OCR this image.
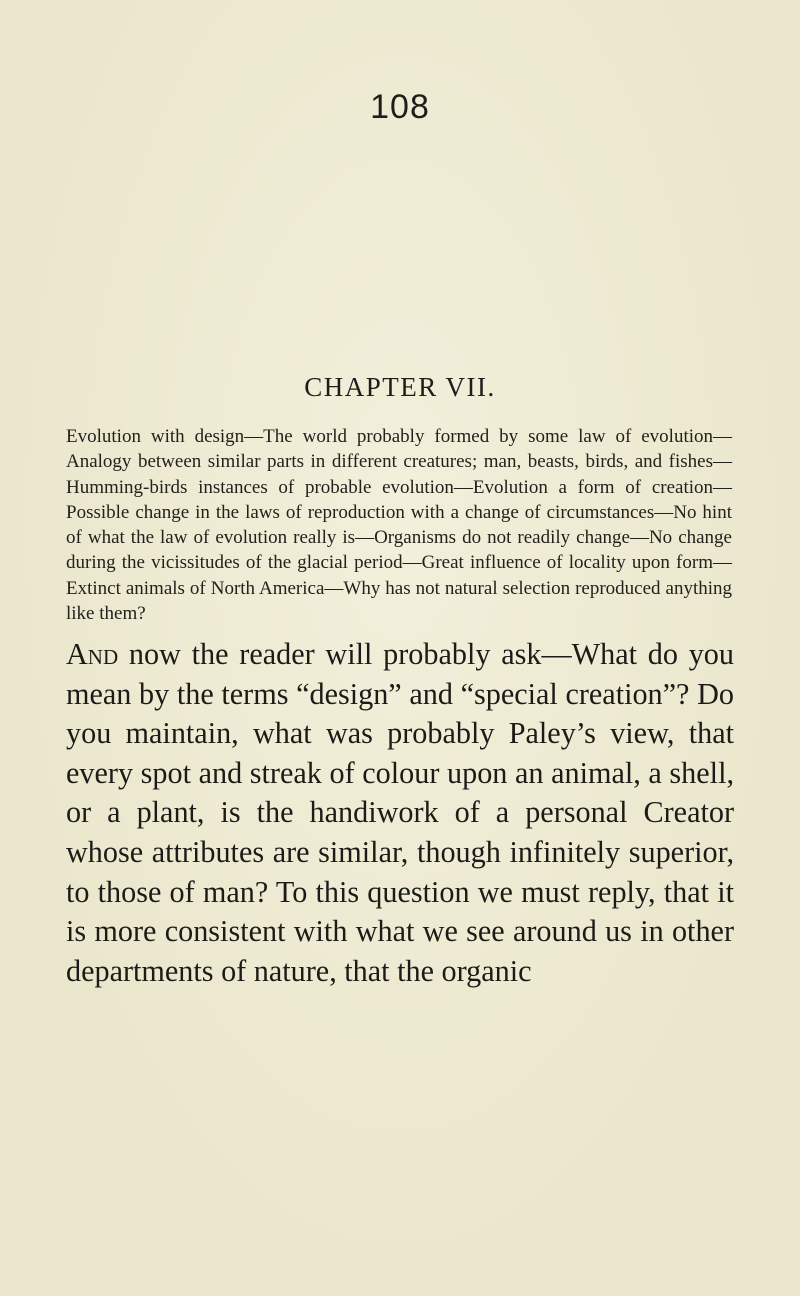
108
CHAPTER VII.

Evolution with design—The world probably formed by some law of evolution—Analogy between similar parts in different creatures; man, beasts, birds, and fishes—Humming-birds instances of probable evolution—Evolution a form of creation—Possible change in the laws of reproduction with a change of circumstances—No hint of what the law of evolution really is—Organisms do not readily change—No change during the vicissitudes of the glacial period—Great influence of locality upon form—Extinct animals of North America—Why has not natural selection reproduced anything like them?

And now the reader will probably ask—What do you mean by the terms “design” and “special creation”? Do you maintain, what was probably Paley’s view, that every spot and streak of colour upon an animal, a shell, or a plant, is the handiwork of a personal Creator whose attributes are similar, though infinitely superior, to those of man? To this question we must reply, that it is more consistent with what we see around us in other departments of nature, that the organic
